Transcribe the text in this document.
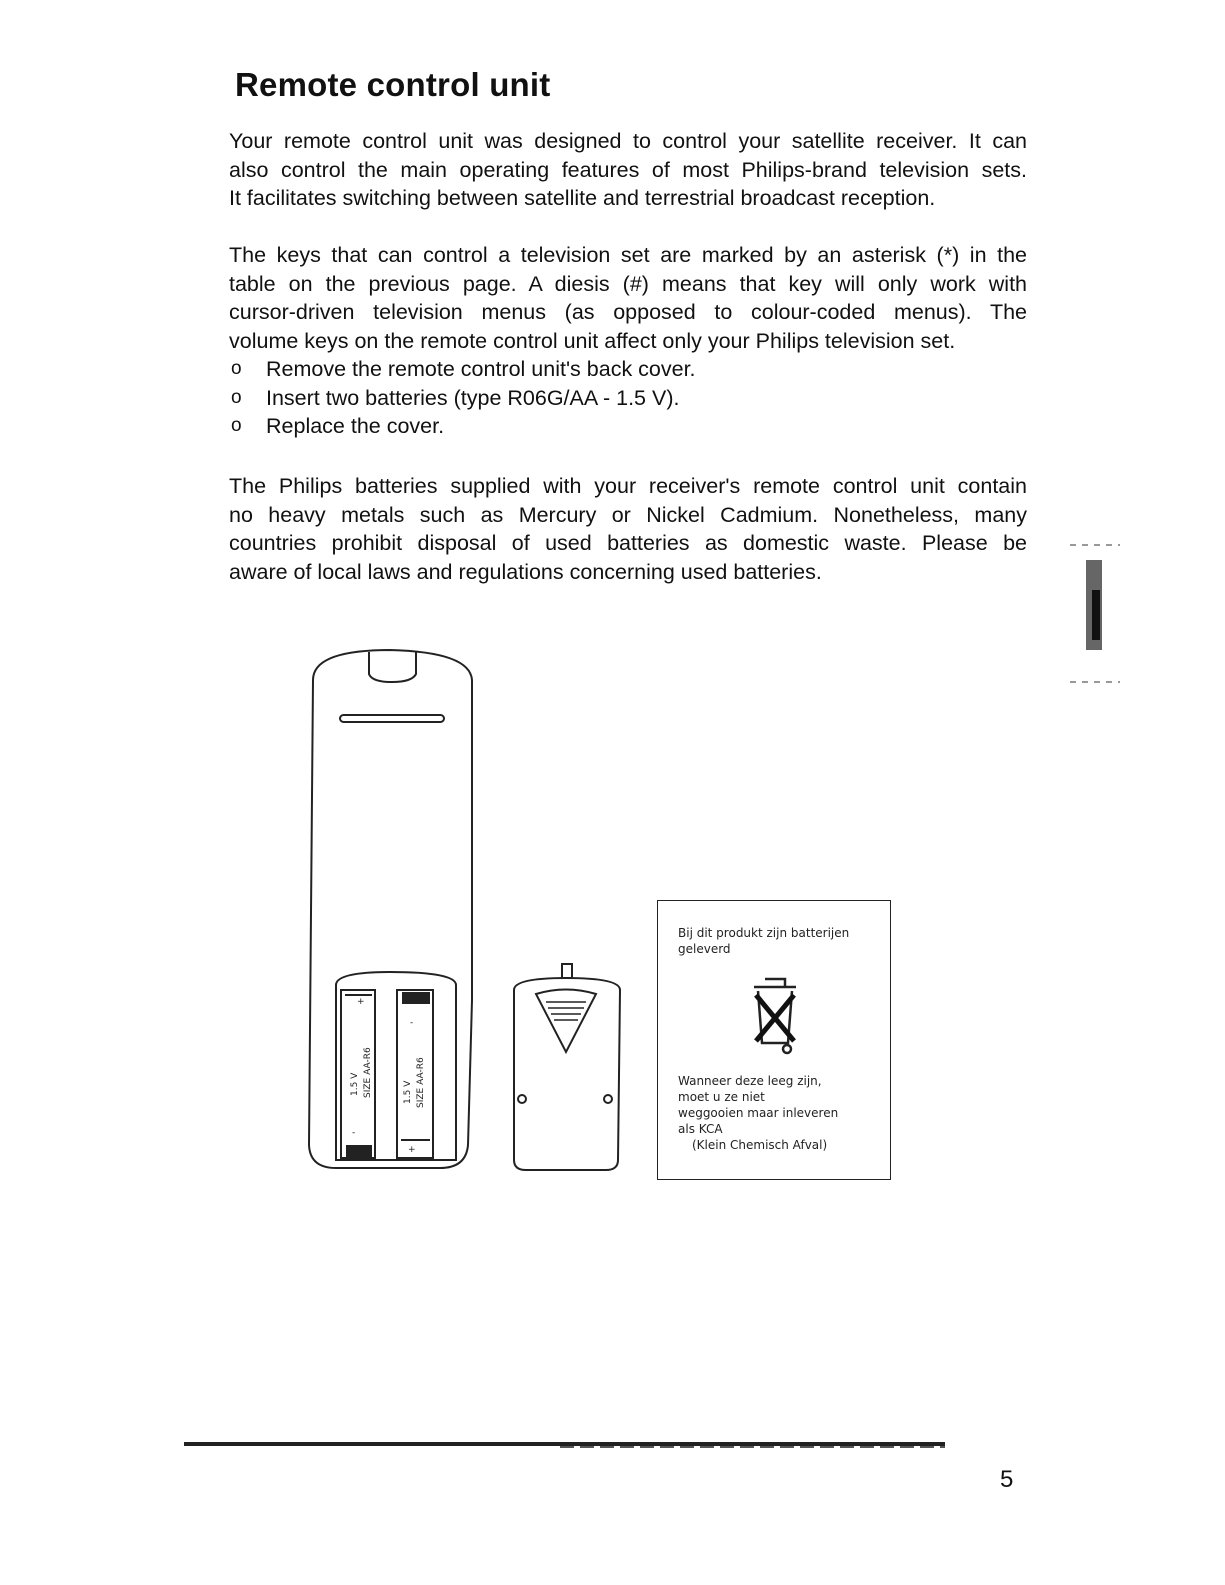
Remote control unit

Your remote control unit was designed to control your satellite receiver. It can
also control the main operating features of most Philips-brand television sets.
It facilitates switching between satellite and terrestrial broadcast reception.

The keys that can control a television set are marked by an asterisk (*) in the
table on the previous page. A diesis (#) means that key will only work with
cursor-driven television menus (as opposed to colour-coded menus). The
volume keys on the remote control unit affect only your Philips television set.

o Remove the remote control unit's back cover.
o Insert two batteries (type R06G/AA - 1.5 V).
o Replace the cover.

The Philips batteries supplied with your receiver's remote control unit contain
no heavy metals such as Mercury or Nickel Cadmium. Nonetheless, many
countries prohibit disposal of used batteries as domestic waste. Please be
aware of local laws and regulations concerning used batteries.

+
-
-
+
1.5 V SIZE AA-R6	1.5 V SIZE AA-R6
Bij dit produkt zijn batterijen
geleverd
Wanneer deze leeg zijn,
moet u ze niet
weggooien maar inleveren
als KCA
(Klein Chemisch Afval)
5
